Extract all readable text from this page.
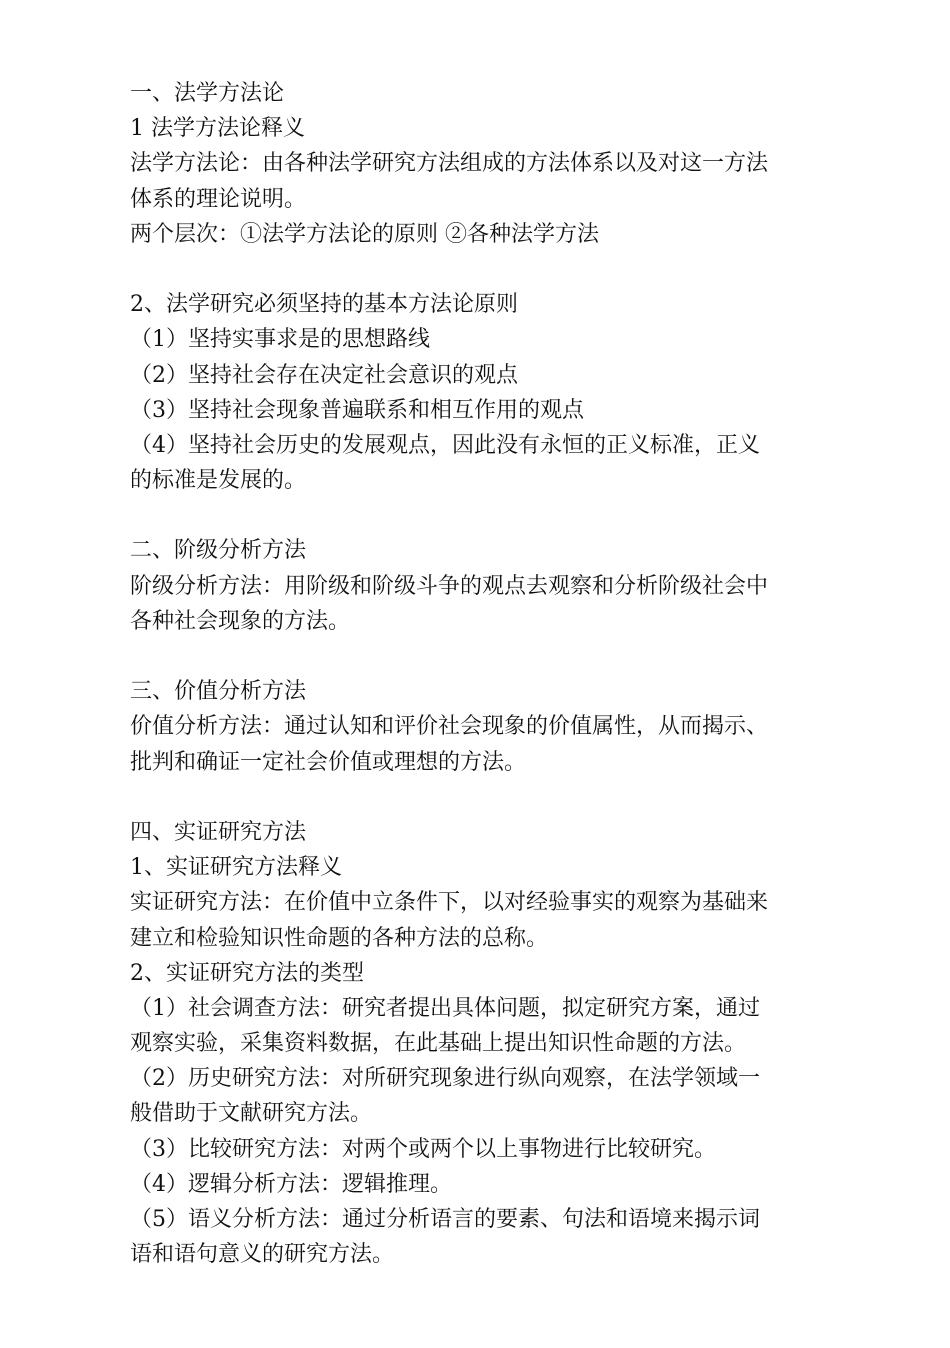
一、法学方法论
1 法学方法论释义
法学方法论：由各种法学研究方法组成的方法体系以及对这一方法
体系的理论说明。
两个层次：①法学方法论的原则 ②各种法学方法
2、法学研究必须坚持的基本方法论原则
（1）坚持实事求是的思想路线
（2）坚持社会存在决定社会意识的观点
（3）坚持社会现象普遍联系和相互作用的观点
（4）坚持社会历史的发展观点，因此没有永恒的正义标准，正义
的标准是发展的。
二、阶级分析方法
阶级分析方法：用阶级和阶级斗争的观点去观察和分析阶级社会中
各种社会现象的方法。
三、价值分析方法
价值分析方法：通过认知和评价社会现象的价值属性，从而揭示、
批判和确证一定社会价值或理想的方法。
四、实证研究方法
1、实证研究方法释义
实证研究方法：在价值中立条件下，以对经验事实的观察为基础来
建立和检验知识性命题的各种方法的总称。
2、实证研究方法的类型
（1）社会调查方法：研究者提出具体问题，拟定研究方案，通过
观察实验，采集资料数据，在此基础上提出知识性命题的方法。
（2）历史研究方法：对所研究现象进行纵向观察，在法学领域一
般借助于文献研究方法。
（3）比较研究方法：对两个或两个以上事物进行比较研究。
（4）逻辑分析方法：逻辑推理。
（5）语义分析方法：通过分析语言的要素、句法和语境来揭示词
语和语句意义的研究方法。
